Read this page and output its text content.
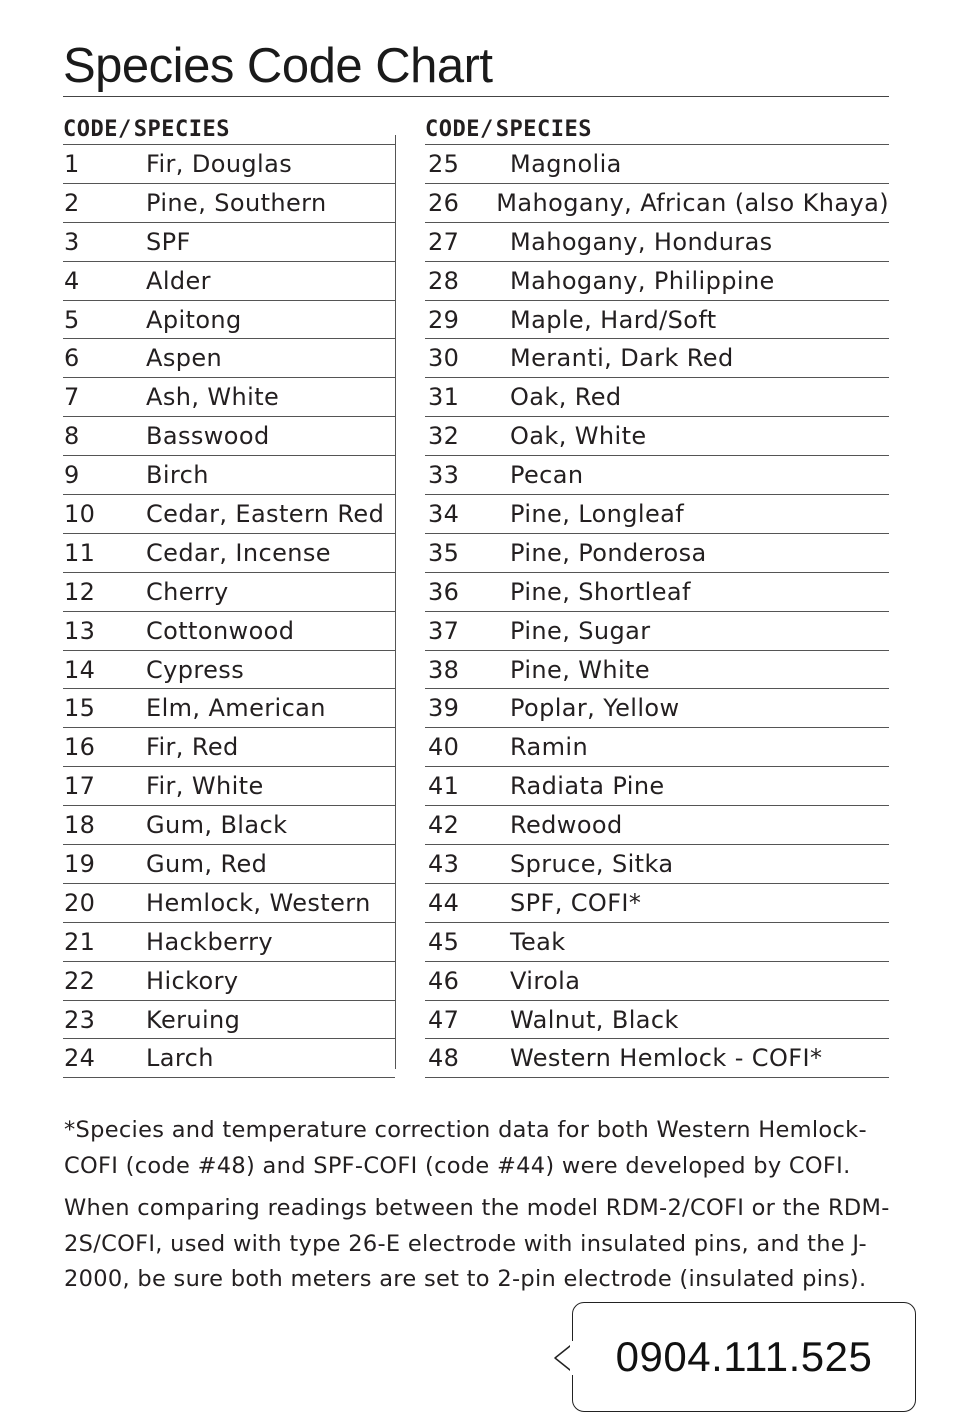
Species Code Chart
CODE / SPECIES
1	Fir, Douglas
2	Pine, Southern
3	SPF
4	Alder
5	Apitong
6	Aspen
7	Ash, White
8	Basswood
9	Birch
10	Cedar, Eastern Red
11	Cedar, Incense
12	Cherry
13	Cottonwood
14	Cypress
15	Elm, American
16	Fir, Red
17	Fir, White
18	Gum, Black
19	Gum, Red
20	Hemlock, Western
21	Hackberry
22	Hickory
23	Keruing
24	Larch
CODE / SPECIES
25	Magnolia
26	Mahogany, African (also Khaya)
27	Mahogany, Honduras
28	Mahogany, Philippine
29	Maple, Hard/Soft
30	Meranti, Dark Red
31	Oak, Red
32	Oak, White
33	Pecan
34	Pine, Longleaf
35	Pine, Ponderosa
36	Pine, Shortleaf
37	Pine, Sugar
38	Pine, White
39	Poplar, Yellow
40	Ramin
41	Radiata Pine
42	Redwood
43	Spruce, Sitka
44	SPF, COFI*
45	Teak
46	Virola
47	Walnut, Black
48	Western Hemlock - COFI*

*Species and temperature correction data for both Western Hemlock-COFI (code #48) and SPF-COFI (code #44) were developed by COFI.

When comparing readings between the model RDM-2/COFI or the RDM-2S/COFI, used with type 26-E electrode with insulated pins, and the J-2000, be sure both meters are set to 2-pin electrode (insulated pins).

0904.111.525
